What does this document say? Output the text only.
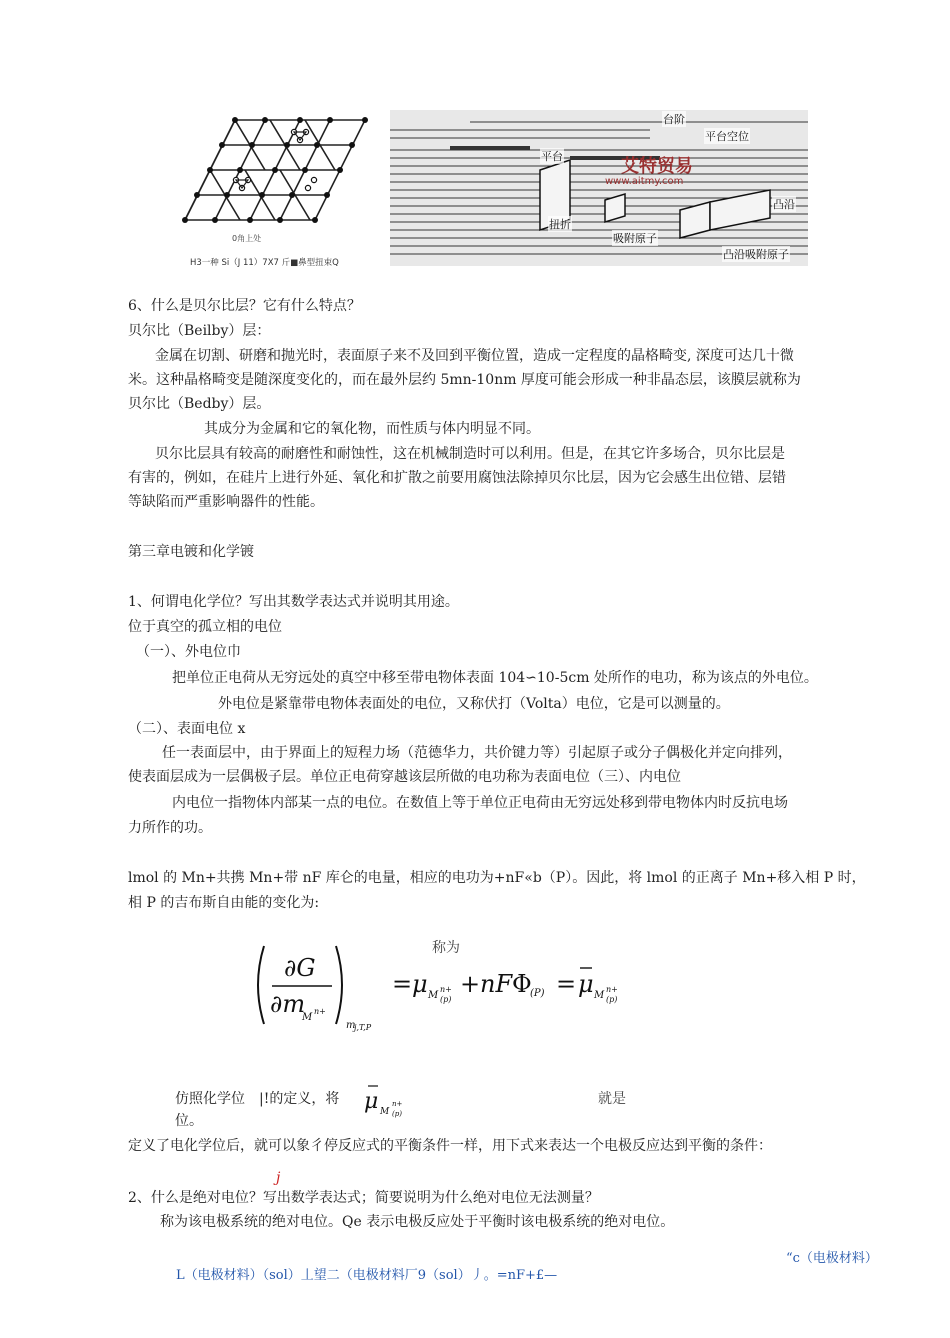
0角上处
H3一种 Si（J 11）7X7 斤■鼻型扭束Q
台阶
平台空位
平台
扭折
吸附原子
凸沿
凸沿吸附原子
艾特贸易
www.aitmy.com
6、什么是贝尔比层？它有什么特点？
贝尔比（Beilby）层：
金属在切割、研磨和抛光时，表面原子来不及回到平衡位置，造成一定程度的晶格畸变, 深度可达几十微
米。这种晶格畸变是随深度变化的，而在最外层约 5mn-10nm 厚度可能会形成一种非晶态层，该膜层就称为
贝尔比（Bedby）层。
其成分为金属和它的氧化物，而性质与体内明显不同。
贝尔比层具有较高的耐磨性和耐蚀性，这在机械制造时可以利用。但是，在其它许多场合，贝尔比层是
有害的，例如，在硅片上进行外延、氧化和扩散之前要用腐蚀法除掉贝尔比层，因为它会感生出位错、层错
等缺陷而严重影响器件的性能。
第三章电镀和化学镀
1、何谓电化学位？写出其数学表达式并说明其用途。
位于真空的孤立相的电位
（一）、外电位巾
把单位正电荷从无穷远处的真空中移至带电物体表面 104∽10-5cm 处所作的电功，称为该点的外电位。
外电位是紧靠带电物体表面处的电位，又称伏打（Volta）电位，它是可以测量的。
（二）、表面电位 x
任一表面层中，由于界面上的短程力场（范德华力，共价键力等）引起原子或分子偶极化并定向排列，
使表面层成为一层偶极子层。单位正电荷穿越该层所做的电功称为表面电位（三）、内电位
内电位一指物体内部某一点的电位。在数值上等于单位正电荷由无穷远处移到带电物体内时反抗电场
力所作的功。
lmol 的 Mn+共携 Mn+带 nF 库仑的电量，相应的电功为+nF«b（P）。因此，将 lmol 的正离子 Mn+移入相 P 时，
相 P 的吉布斯自由能的变化为:
称为
∂G
∂m
M
n+
m
j,T,P
= μ M
n+
(p)
+ nF Φ
(P) = μ M
n+
(p)
仿照化学位 |!的定义，将 μ M
n+
(p)
就是
位。
定义了电化学位后，就可以象彳停反应式的平衡条件一样，用下式来表达一个电极反应达到平衡的条件：
j
2、什么是绝对电位？写出数学表达式；简要说明为什么绝对电位无法测量？
称为该电极系统的绝对电位。Qe 表示电极反应处于平衡时该电极系统的绝对电位。
“c（电极材料）
L（电极材料）（sol）丄望二（电极材料厂9（sol）丿。=nF+£—
